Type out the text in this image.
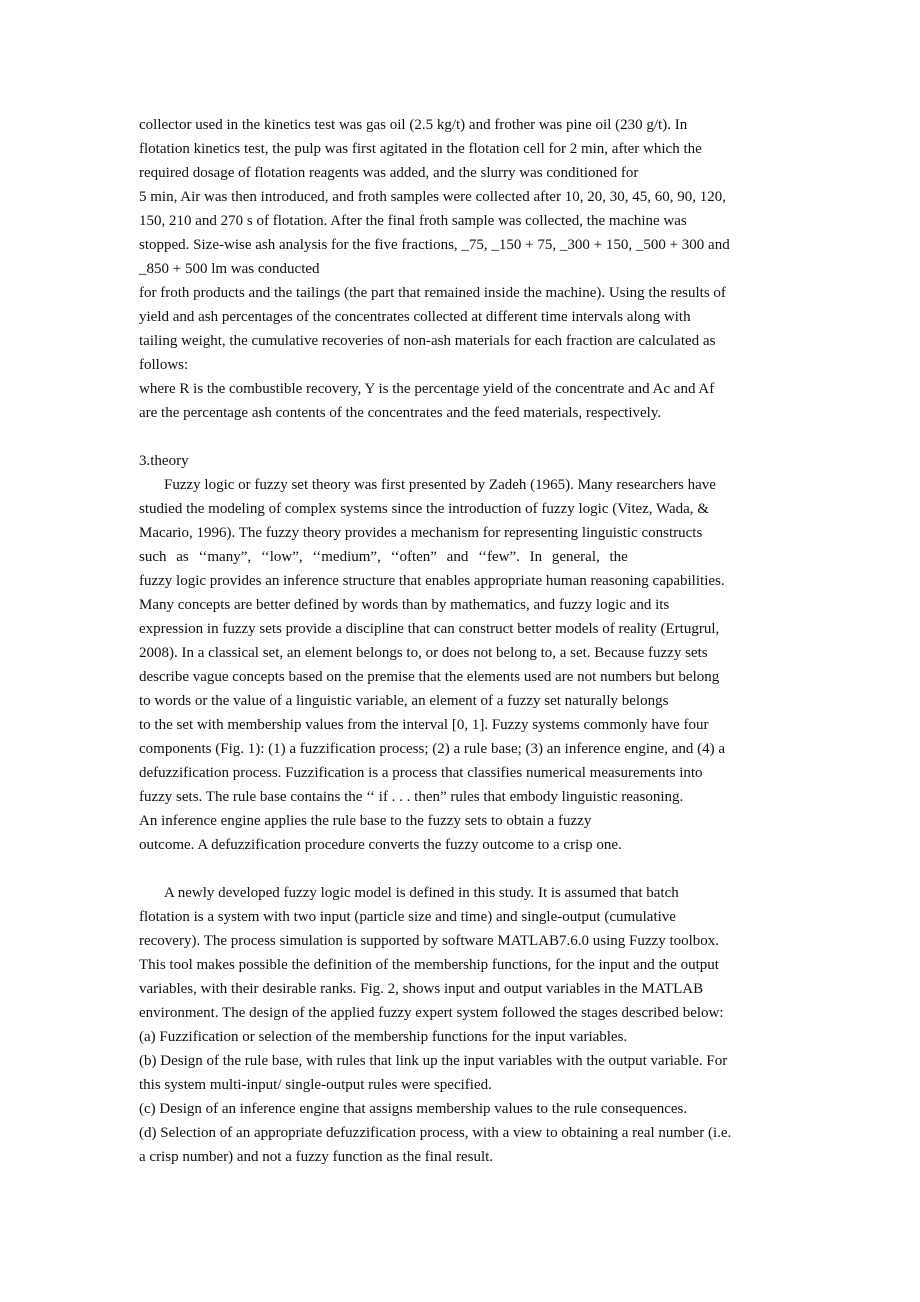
collector used in the kinetics test was gas oil (2.5 kg/t) and frother was pine oil (230 g/t). In
flotation kinetics test, the pulp was first agitated in the flotation cell for 2 min, after which the
required dosage of flotation reagents was added, and the slurry was conditioned for
5 min, Air was then introduced, and froth samples were collected after 10, 20, 30, 45, 60, 90, 120,
150, 210 and 270 s of flotation. After the final froth sample was collected, the machine was
stopped. Size-wise ash analysis for the five fractions, _75, _150 + 75, _300 + 150, _500 + 300 and
_850 + 500 lm was conducted
for froth products and the tailings (the part that remained inside the machine). Using the results of
yield and ash percentages of the concentrates collected at different time intervals along with
tailing weight, the cumulative recoveries of non-ash materials for each fraction are calculated as
follows:
where R is the combustible recovery, Y is the percentage yield of the concentrate and Ac and Af
are the percentage ash contents of the concentrates and the feed materials, respectively.
3.theory
Fuzzy logic or fuzzy set theory was first presented by Zadeh (1965). Many researchers have
studied the modeling of complex systems since the introduction of fuzzy logic (Vitez, Wada, &
Macario, 1996). The fuzzy theory provides a mechanism for representing linguistic constructs
such as ‘‘many”, ‘‘low”, ‘‘medium”, ‘‘often” and ‘‘few”. In general, the
fuzzy logic provides an inference structure that enables appropriate human reasoning capabilities.
Many concepts are better defined by words than by mathematics, and fuzzy logic and its
expression in fuzzy sets provide a discipline that can construct better models of reality (Ertugrul,
2008). In a classical set, an element belongs to, or does not belong to, a set. Because fuzzy sets
describe vague concepts based on the premise that the elements used are not numbers but belong
to words or the value of a linguistic variable, an element of a fuzzy set naturally belongs
to the set with membership values from the interval [0, 1]. Fuzzy systems commonly have four
components (Fig. 1): (1) a fuzzification process; (2) a rule base; (3) an inference engine, and (4) a
defuzzification process. Fuzzification is a process that classifies numerical measurements into
fuzzy sets. The rule base contains the ‘‘ if . . . then” rules that embody linguistic reasoning.
An inference engine applies the rule base to the fuzzy sets to obtain a fuzzy
outcome. A defuzzification procedure converts the fuzzy outcome to a crisp one.
A newly developed fuzzy logic model is defined in this study. It is assumed that batch
flotation is a system with two input (particle size and time) and single-output (cumulative
recovery). The process simulation is supported by software MATLAB7.6.0 using Fuzzy toolbox.
This tool makes possible the definition of the membership functions, for the input and the output
variables, with their desirable ranks. Fig. 2, shows input and output variables in the MATLAB
environment. The design of the applied fuzzy expert system followed the stages described below:
(a) Fuzzification or selection of the membership functions for the input variables.
(b) Design of the rule base, with rules that link up the input variables with the output variable. For
this system multi-input/ single-output rules were specified.
(c) Design of an inference engine that assigns membership values to the rule consequences.
(d) Selection of an appropriate defuzzification process, with a view to obtaining a real number (i.e.
a crisp number) and not a fuzzy function as the final result.
